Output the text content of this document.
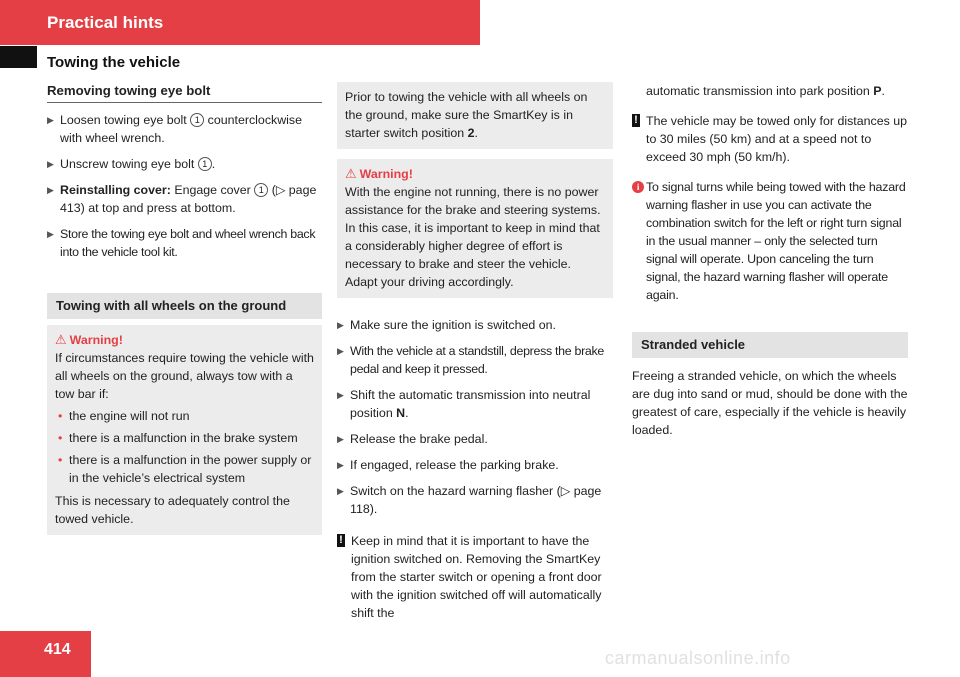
Practical hints
Towing the vehicle
Removing towing eye bolt
▶ Loosen towing eye bolt 1 counterclockwise with wheel wrench.
▶ Unscrew towing eye bolt 1 .
▶ Reinstalling cover: Engage cover 1 (▷ page 413) at top and press at bottom.
▶ Store the towing eye bolt and wheel wrench back into the vehicle tool kit.
Towing with all wheels on the ground
⚠ Warning!

If circumstances require towing the vehicle with all wheels on the ground, always tow with a tow bar if:

• the engine will not run
• there is a malfunction in the brake system
• there is a malfunction in the power supply or in the vehicle’s electrical system

This is necessary to adequately control the towed vehicle.

Prior to towing the vehicle with all wheels on the ground, make sure the SmartKey is in starter switch position 2.
⚠ Warning!

With the engine not running, there is no power assistance for the brake and steering systems. In this case, it is important to keep in mind that a considerably higher degree of effort is necessary to brake and steer the vehicle. Adapt your driving accordingly.

▶ Make sure the ignition is switched on.
▶ With the vehicle at a standstill, depress the brake pedal and keep it pressed.
▶ Shift the automatic transmission into neutral position N.
▶ Release the brake pedal.
▶ If engaged, release the parking brake.
▶ Switch on the hazard warning flasher (▷ page 118).
! Keep in mind that it is important to have the ignition switched on. Removing the SmartKey from the starter switch or opening a front door with the ignition switched off will automatically shift the
automatic transmission into park position P.
! The vehicle may be towed only for distances up to 30 miles (50 km) and at a speed not to exceed 30 mph (50 km/h).
i To signal turns while being towed with the hazard warning flasher in use you can activate the combination switch for the left or right turn signal in the usual manner – only the selected turn signal will operate. Upon canceling the turn signal, the hazard warning flasher will operate again.
Stranded vehicle

Freeing a stranded vehicle, on which the wheels are dug into sand or mud, should be done with the greatest of care, especially if the vehicle is heavily loaded.

414	carmanualsonline.info
